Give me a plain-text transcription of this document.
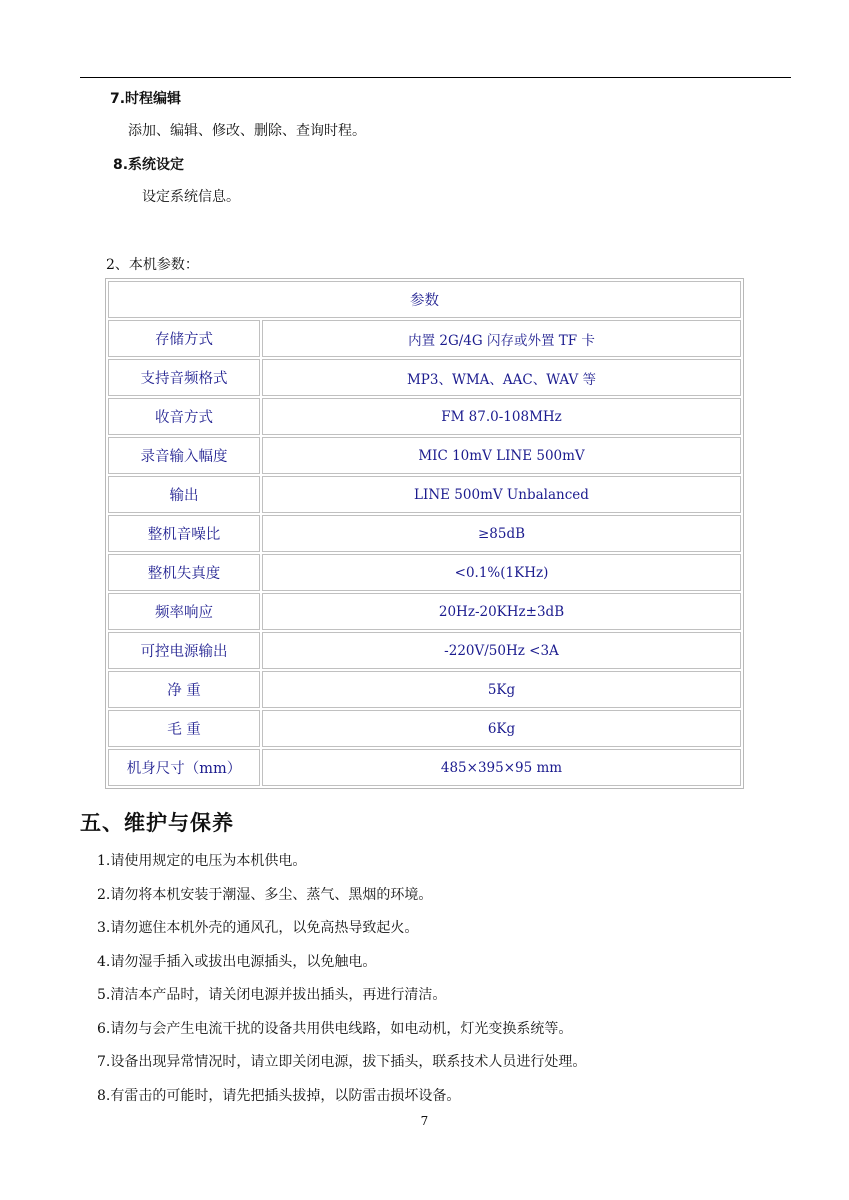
7.时程编辑
添加、编辑、修改、删除、查询时程。
8.系统设定
设定系统信息。
2、本机参数：
参数	
存储方式	内置 2G/4G 闪存或外置 TF 卡
支持音频格式	MP3、WMA、AAC、WAV 等
收音方式	FM 87.0-108MHz
录音输入幅度	MIC 10mV LINE 500mV
输出	LINE 500mV Unbalanced
整机音噪比	≥85dB
整机失真度	<0.1%(1KHz)
频率响应	20Hz-20KHz±3dB
可控电源输出	-220V/50Hz <3A
净 重	5Kg
毛 重	6Kg
机身尺寸（mm）	485×395×95 mm
五、维护与保养
1.请使用规定的电压为本机供电。
2.请勿将本机安装于潮湿、多尘、蒸气、黑烟的环境。
3.请勿遮住本机外壳的通风孔，以免高热导致起火。
4.请勿湿手插入或拔出电源插头，以免触电。
5.清洁本产品时，请关闭电源并拔出插头，再进行清洁。
6.请勿与会产生电流干扰的设备共用供电线路，如电动机，灯光变换系统等。
7.设备出现异常情况时，请立即关闭电源，拔下插头，联系技术人员进行处理。
8.有雷击的可能时，请先把插头拔掉，以防雷击损坏设备。
7
